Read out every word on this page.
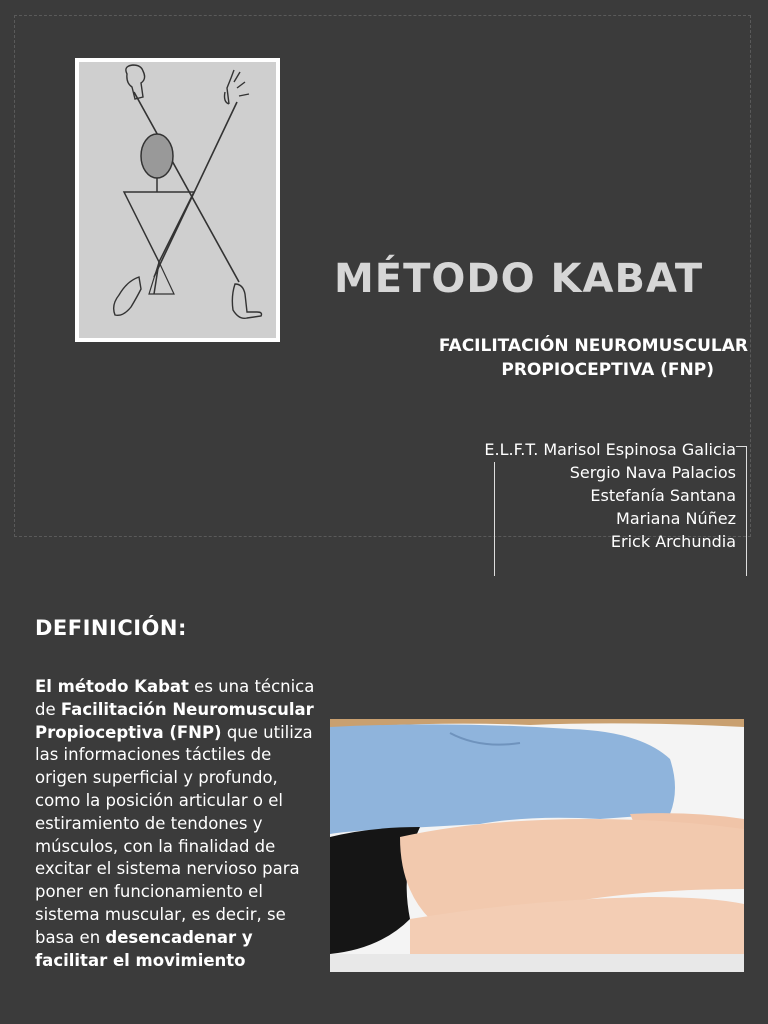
MÉTODO KABAT
FACILITACIÓN NEUROMUSCULAR
PROPIOCEPTIVA (FNP)
E.L.F.T. Marisol Espinosa Galicia
Sergio Nava Palacios
Estefanía Santana
Mariana Núñez
Erick Archundia
DEFINICIÓN:
El método Kabat es una técnica de Facilitación Neuromuscular Propioceptiva (FNP) que utiliza las informaciones táctiles de origen superficial y profundo, como la posición articular o el estiramiento de tendones y músculos, con la finalidad de excitar el sistema nervioso para poner en funcionamiento el sistema muscular, es decir, se basa en desencadenar y facilitar el movimiento
